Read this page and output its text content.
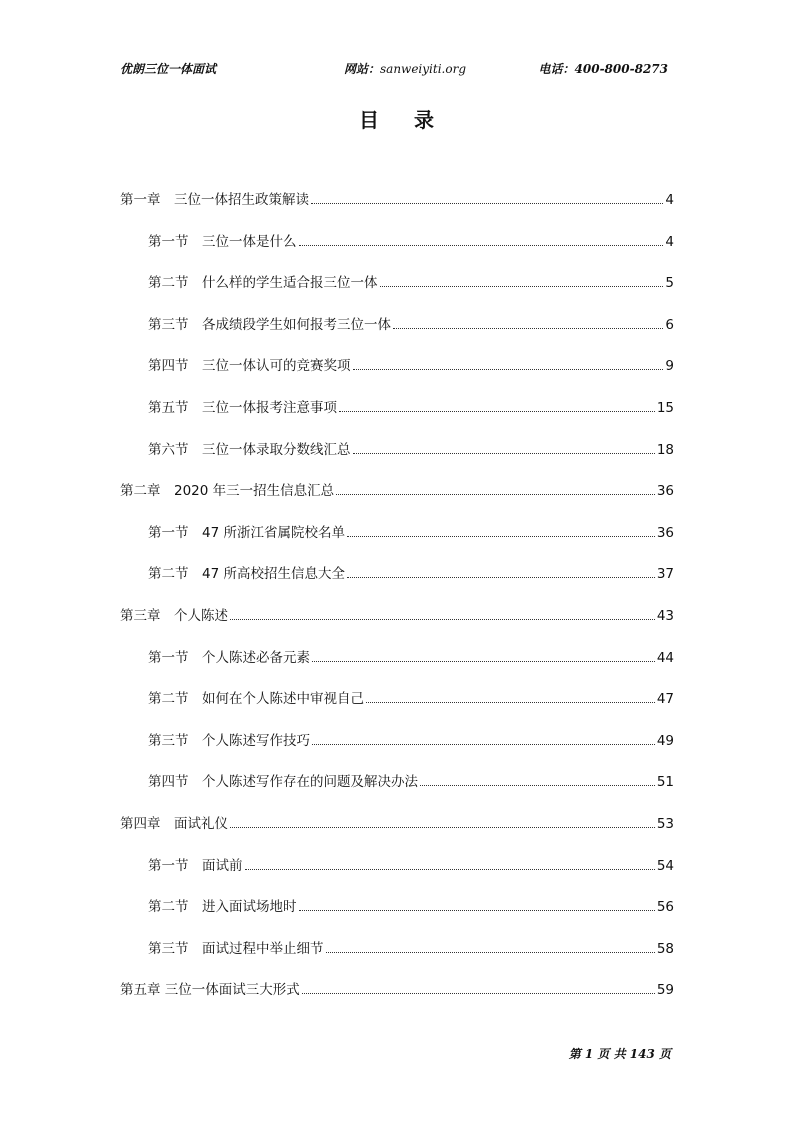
优朗三位一体面试	网站：sanweiyiti.org	电话：400-800-8273
目 录
第一章　三位一体招生政策解读	4
第一节　三位一体是什么	4
第二节　什么样的学生适合报三位一体	5
第三节　各成绩段学生如何报考三位一体	6
第四节　三位一体认可的竞赛奖项	9
第五节　三位一体报考注意事项	15
第六节　三位一体录取分数线汇总	18
第二章　2020 年三一招生信息汇总	36
第一节　47 所浙江省属院校名单	36
第二节　47 所高校招生信息大全	37
第三章　个人陈述	43
第一节　个人陈述必备元素	44
第二节　如何在个人陈述中审视自己	47
第三节　个人陈述写作技巧	49
第四节　个人陈述写作存在的问题及解决办法	51
第四章　面试礼仪	53
第一节　面试前	54
第二节　进入面试场地时	56
第三节　面试过程中举止细节	58
第五章 三位一体面试三大形式	59
第 1 页 共 143 页
